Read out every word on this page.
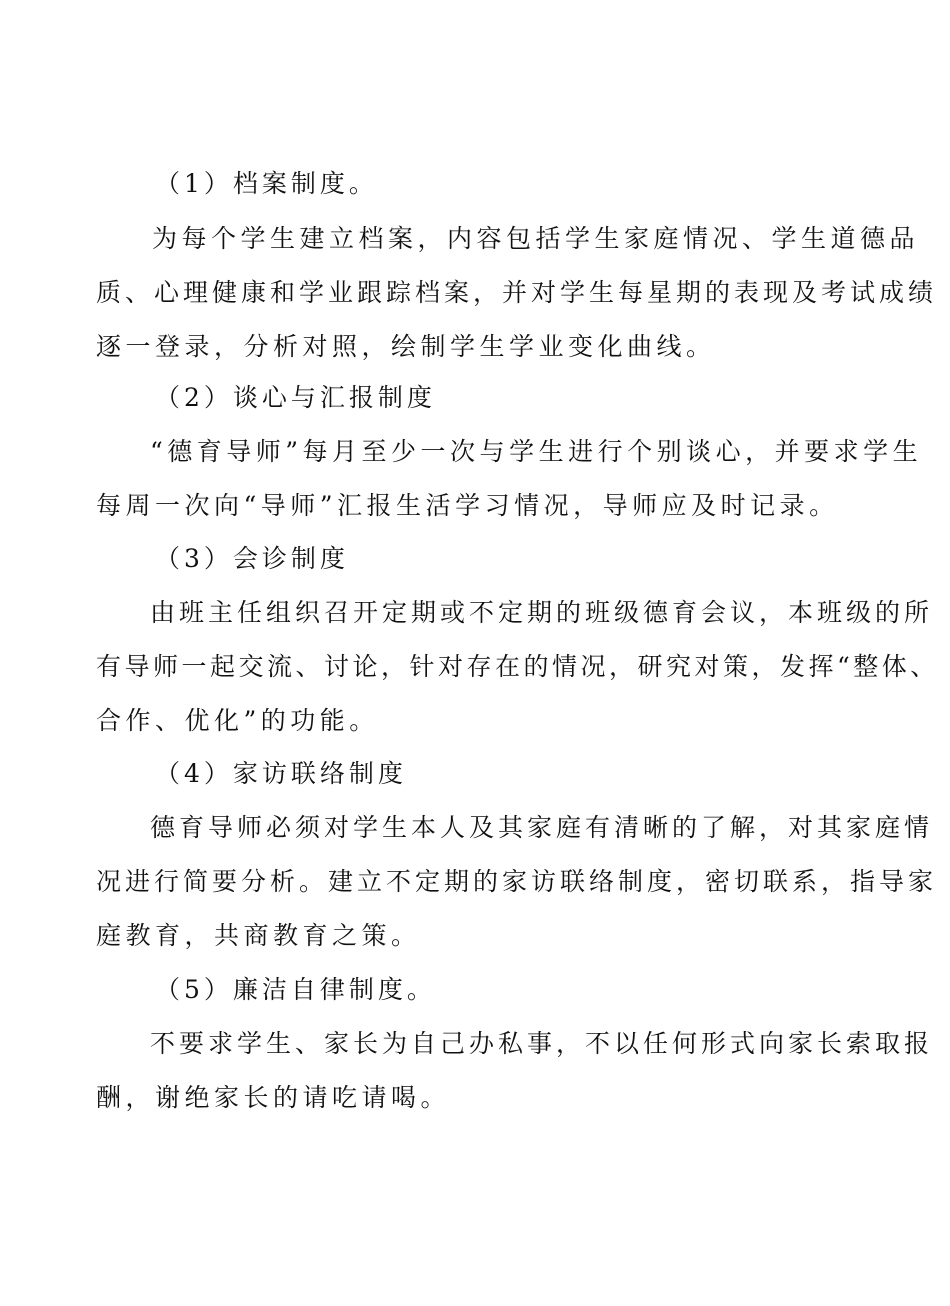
（1）档案制度。
为每个学生建立档案，内容包括学生家庭情况、学生道德品
质、心理健康和学业跟踪档案，并对学生每星期的表现及考试成绩
逐一登录，分析对照，绘制学生学业变化曲线。
（2）谈心与汇报制度
“德育导师”每月至少一次与学生进行个别谈心，并要求学生
每周一次向“导师”汇报生活学习情况，导师应及时记录。
（3）会诊制度
由班主任组织召开定期或不定期的班级德育会议，本班级的所
有导师一起交流、讨论，针对存在的情况，研究对策，发挥“整体、
合作、优化”的功能。
（4）家访联络制度
德育导师必须对学生本人及其家庭有清晰的了解，对其家庭情
况进行简要分析。建立不定期的家访联络制度，密切联系，指导家
庭教育，共商教育之策。
（5）廉洁自律制度。
不要求学生、家长为自己办私事，不以任何形式向家长索取报
酬，谢绝家长的请吃请喝。
